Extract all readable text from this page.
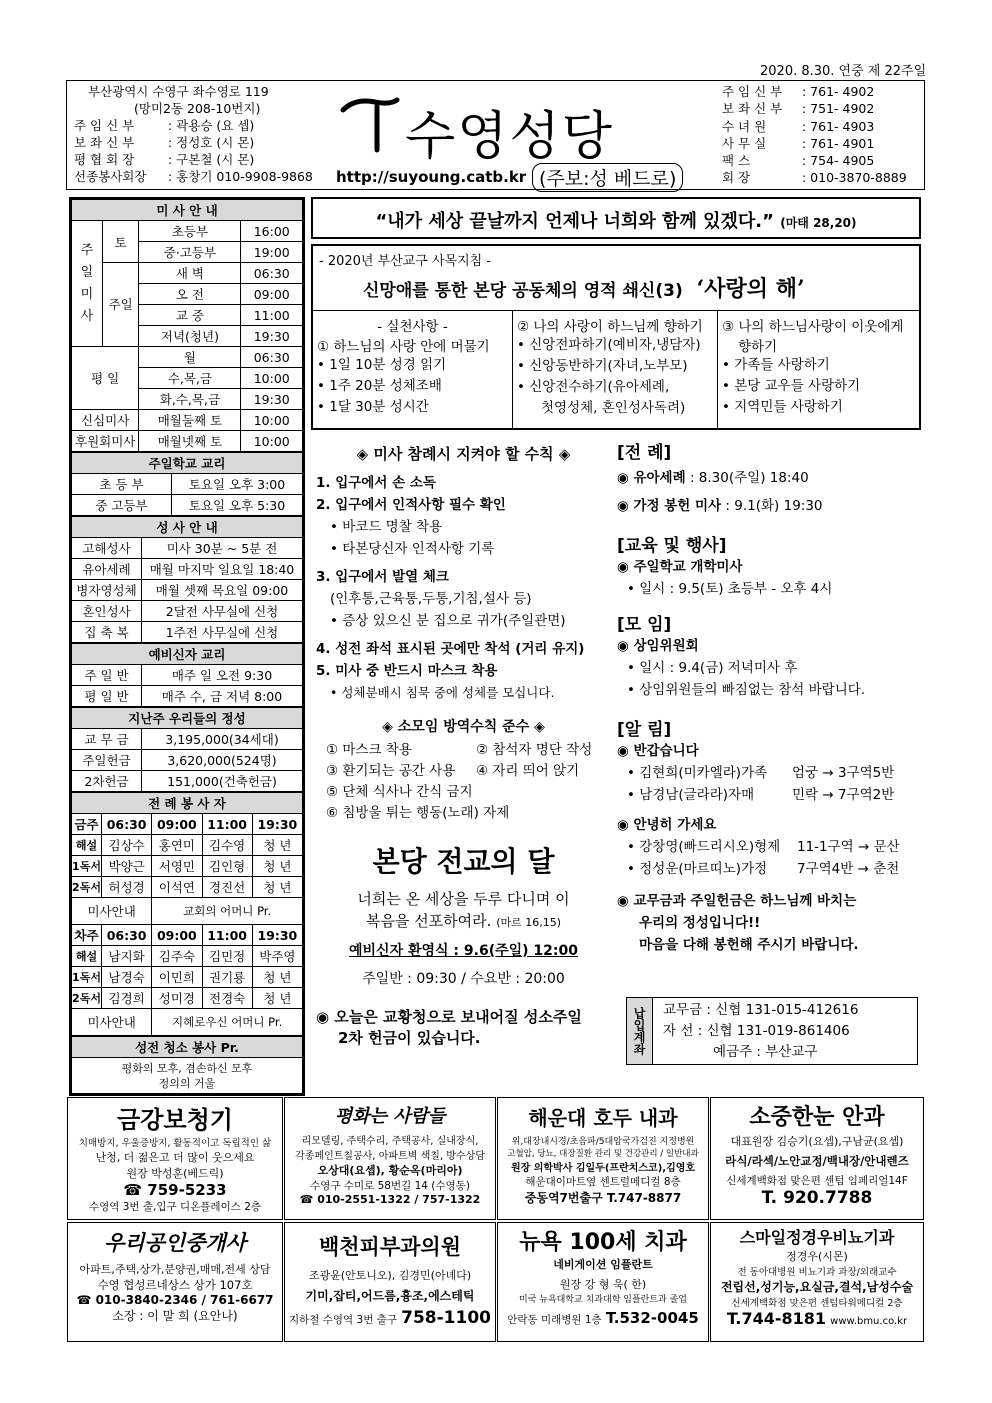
2020. 8.30. 연중 제 22주일
부산광역시 수영구 좌수영로 119
(망미2동 208-10번지)
주 임 신 부	: 곽용승 (요 셉)
보 좌 신 부	: 정성호 (시 몬)
평 협 회 장	: 구본철 (시 몬)
선종봉사회장	: 홍창기 010-9908-9868
수영성당
http://suyoung.catb.kr (주보:성 베드로)
주 임 신 부	: 761- 4902
보 좌 신 부	: 751- 4902
수 녀 원	: 761- 4903
사 무 실	: 761- 4901
팩 스	: 754- 4905
회 장	: 010-3870-8889
미 사 안 내			
주일미사	토	초등부	16:00
		중·고등부	19:00
	주일	새 벽	06:30
		오 전	09:00
		교 중	11:00
		저녁(청년)	19:30
평 일		월	06:30
		수,목,금	10:00
		화,수,목,금	19:30
신심미사		매월둘째 토	10:00
후원회미사		매월넷째 토	10:00
주일학교 교리	
초 등 부	토요일 오후 3:00
중 고등부	토요일 오후 5:30
성 사 안 내	
고해성사	미사 30분 ~ 5분 전
유아세례	매월 마지막 일요일 18:40
병자영성체	매월 셋째 목요일 09:00
혼인성사	2달전 사무실에 신청
집 축 복	1주전 사무실에 신청
예비신자 교리	
주 일 반	매주 일 오전 9:30
평 일 반	매주 수, 금 저녁 8:00
지난주 우리들의 정성	
교 무 금	3,195,000(34세대)
주일헌금	3,620,000(524명)
2차헌금	151,000(건축헌금)
전 례 봉 사 자				
금주	06:30	09:00	11:00	19:30
해설	김상수	홍연미	김수영	청 년
1독서	박양근	서영민	김인형	청 년
2독서	허성경	이석연	경진선	청 년
미사안내		교회의 어머니 Pr.		
차주	06:30	09:00	11:00	19:30
해설	남지화	김주숙	김민정	박주영
1독서	남경숙	이민희	권기룡	청 년
2독서	김경희	성미경	전경숙	청 년
미사안내		지혜로우신 어머니 Pr.		
성전 청소 봉사 Pr.

평화의 모후, 겸손하신 모후
정의의 거울
“내가 세상 끝날까지 언제나 너희와 함께 있겠다.” (마태 28,20)
- 2020년 부산교구 사목지침 -
신망애를 통한 본당 공동체의 영적 쇄신(3) ‘사랑의 해’
- 실천사항 -
① 하느님의 사랑 안에 머물기
• 1일 10분 성경 읽기
• 1주 20분 성체조배
• 1달 30분 성시간
② 나의 사랑이 하느님께 향하기
• 신앙전파하기(예비자,냉담자)
• 신앙동반하기(자녀,노부모)
• 신앙전수하기(유아세례,
첫영성체, 혼인성사독려)
③ 나의 하느님사랑이 이웃에게
향하기
• 가족들 사랑하기
• 본당 교우들 사랑하기
• 지역민들 사랑하기
◈ 미사 참례시 지켜야 할 수칙 ◈
1. 입구에서 손 소독
2. 입구에서 인적사항 필수 확인
• 바코드 명찰 착용
• 타본당신자 인적사항 기록
3. 입구에서 발열 체크
(인후통,근육통,두통,기침,설사 등)
• 증상 있으신 분 집으로 귀가(주일관면)
4. 성전 좌석 표시된 곳에만 착석 (거리 유지)
5. 미사 중 반드시 마스크 착용
• 성체분배시 침묵 중에 성체를 모십니다.
◈ 소모임 방역수칙 준수 ◈
① 마스크 착용	② 참석자 명단 작성
③ 환기되는 공간 사용	④ 자리 띄어 앉기
⑤ 단체 식사나 간식 금지
⑥ 침방울 튀는 행동(노래) 자제
본당 전교의 달
너희는 온 세상을 두루 다니며 이
복음을 선포하여라. (마르 16,15)
예비신자 환영식 : 9.6(주일) 12:00
주일반 : 09:30 / 수요반 : 20:00
◉ 오늘은 교황청으로 보내어질 성소주일
2차 헌금이 있습니다.
[전 례]
◉ 유아세례 : 8.30(주일) 18:40
◉ 가정 봉헌 미사 : 9.1(화) 19:30
[교육 및 행사]
◉ 주일학교 개학미사
• 일시 : 9.5(토) 초등부 - 오후 4시
[모 임]
◉ 상임위원회
• 일시 : 9.4(금) 저녁미사 후
• 상임위원들의 빠짐없는 참석 바랍니다.
[알 림]
◉ 반갑습니다
• 김현희(미카엘라)가족	엄궁 → 3구역5반
• 남경남(글라라)자매	민락 → 7구역2반
◉ 안녕히 가세요
• 강창영(빠드리시오)형제	11-1구역 → 문산
• 정성운(마르띠노)가정	7구역4반 → 춘천
◉ 교무금과 주일헌금은 하느님께 바치는
우리의 정성입니다!!
마음을 다해 봉헌해 주시기 바랍니다.
납입계좌	교무금 : 신협 131-015-412616
자 선 : 신협 131-019-861406
예금주 : 부산교구
금강보청기
치매방지, 우울증방지, 활동적이고 독립적인 삶
난청, 더 젊은고 더 많이 웃으세요
원장 박성훈(베드릭)
☎ 759-5233
수영역 3번 출,입구 디온플레이스 2층
평화는 사람들
리모델링, 주택수리, 주택공사, 실내장식,
각종페인트칠공사, 아파트벽 색칠, 방수상담
오상대(요셉), 황순옥(마리아)
수영구 수미로 58번길 14 (수영동)
☎ 010-2551-1322 / 757-1322
해운대 호두 내과
위,대장내시경/초음파/5대암국가검진 지정병원
고혈압, 당뇨, 대장질환 관리 및 건강관리 / 일반내과
원장 의학박사 김일두(프란치스코),김영호
해운대이마트옆 센트럴메디컬 8층
중동역7번출구 T.747-8877
소중한눈 안과
대표원장 김승기(요셉),구남균(요셉)
라식/라섹/노안교정/백내장/안내렌즈
신세계백화점 맞은편 센텀 임페리얼14F
T. 920.7788
우리공인중개사
아파트,주택,상가,분양권,매매,전세 상담
수영 협성르네상스 상가 107호
☎ 010-3840-2346 / 761-6677
소장 : 이 말 희 (요안나)
백천피부과의원
조광윤(안토니오), 김경민(아녜다)
기미,잡티,어드름,흉조,에스테틱
지하철 수영역 3번 출구 758-1100
뉴욕 100세 치과
네비게이션 임플란트
원장 강 형 욱( 한)
미국 뉴욕대학교 치과대학 임플란트과 졸업
안락동 미래병원 1층 T.532-0045
스마일정경우비뇨기과
정경우(시몬)
전 동아대병원 비뇨기과 과장/외래교수
전립선,성기능,요실금,결석,남성수술
신세계백화점 맞은편 센텀타워메디컬 2층
T.744-8181 www.bmu.co.kr
